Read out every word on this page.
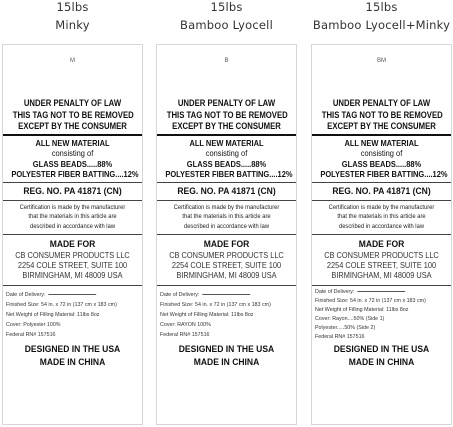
15lbs
Minky
M
UNDER PENALTY OF LAW
THIS TAG NOT TO BE REMOVED
EXCEPT BY THE CONSUMER
ALL NEW MATERIAL
consisting of
GLASS BEADS.....88%
POLYESTER FIBER BATTING....12%
REG. NO. PA 41871 (CN)
Certification is made by the manufacturer
that the materials in this article are
described in accordance with law
MADE FOR
CB CONSUMER PRODUCTS LLC
2254 COLE STREET, SUITE 100
BIRMINGHAM, MI 48009 USA
Date of Delivery:
Finished Size: 54 in. x 72 in (137 cm x 183 cm)
Net Weight of Filling Material: 11lbs 8oz
Cover: Polyester 100%
Federal RN# 157516
DESIGNED IN THE USA
MADE IN CHINA
15lbs
Bamboo Lyocell
B
UNDER PENALTY OF LAW
THIS TAG NOT TO BE REMOVED
EXCEPT BY THE CONSUMER
ALL NEW MATERIAL
consisting of
GLASS BEADS.....88%
POLYESTER FIBER BATTING....12%
REG. NO. PA 41871 (CN)
Certification is made by the manufacturer
that the materials in this article are
described in accordance with law
MADE FOR
CB CONSUMER PRODUCTS LLC
2254 COLE STREET, SUITE 100
BIRMINGHAM, MI 48009 USA
Date of Delivery:
Finished Size: 54 in. x 72 in (137 cm x 183 cm)
Net Weight of Filling Material: 11lbs 8oz
Cover: RAYON 100%
Federal RN# 157516
DESIGNED IN THE USA
MADE IN CHINA
15lbs
Bamboo Lyocell+Minky
BM
UNDER PENALTY OF LAW
THIS TAG NOT TO BE REMOVED
EXCEPT BY THE CONSUMER
ALL NEW MATERIAL
consisting of
GLASS BEADS.....88%
POLYESTER FIBER BATTING....12%
REG. NO. PA 41871 (CN)
Certification is made by the manufacturer
that the materials in this article are
described in accordance with law
MADE FOR
CB CONSUMER PRODUCTS LLC
2254 COLE STREET, SUITE 100
BIRMINGHAM, MI 48009 USA
Date of Delivery:
Finished Size: 54 in. x 72 in (137 cm x 183 cm)
Net Weight of Filling Material: 11lbs 8oz
Cover: Rayon....50% (Side 1)
Polyester.....50% (Side 2)
Federal RN# 157516
DESIGNED IN THE USA
MADE IN CHINA
